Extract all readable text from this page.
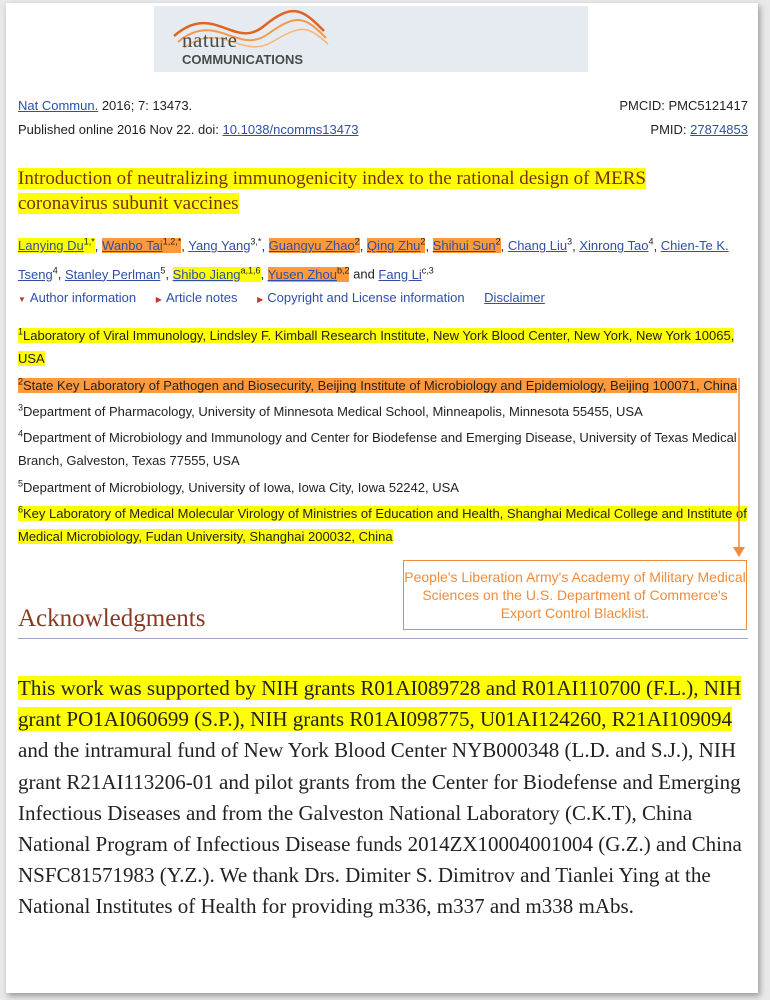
nature
COMMUNICATIONS
Nat Commun. 2016; 7: 13473.
Published online 2016 Nov 22. doi: 10.1038/ncomms13473
PMCID: PMC5121417
PMID: 27874853
Introduction of neutralizing immunogenicity index to the rational design of MERS
coronavirus subunit vaccines
Lanying $Du^{1,*}$, Wanbo Tai$^{1,2,*}$, Yang Yang$^{3,*}$, Guangyu Zhao$^2$, Qing Zhu$^2$, Shihui Sun$^2$, Chang Liu$^3$, Xinrong Tao$^4$, Chien-Te K. Tseng$^4$, Stanley Perlman$^5$, Shibo Jiang$^{a,1,6}$, Yusen Zhou$^{b,2}$ and Fang Li$^{c,3}$
▼ Author information ▶ Article notes ▶ Copyright and License information Disclaimer

$^1$Laboratory of Viral Immunology, Lindsley F. Kimball Research Institute, New York Blood Center, New York, New York 10065, USA

$^2$State Key Laboratory of Pathogen and Biosecurity, Beijing Institute of Microbiology and Epidemiology, Beijing 100071, China

$^3$Department of Pharmacology, University of Minnesota Medical School, Minneapolis, Minnesota 55455, USA

$^4$Department of Microbiology and Immunology and Center for Biodefense and Emerging Disease, University of Texas Medical Branch, Galveston, Texas 77555, USA

$^5$Department of Microbiology, University of Iowa, Iowa City, Iowa 52242, USA

$^6$Key Laboratory of Medical Molecular Virology of Ministries of Education and Health, Shanghai Medical College and Institute of Medical Microbiology, Fudan University, Shanghai 200032, China

People's Liberation Army's Academy of Military Medical Sciences on the U.S. Department of Commerce's Export Control Blacklist.
Acknowledgments
This work was supported by NIH grants R01AI089728 and R01AI110700 (F.L.), NIH grant PO1AI060699 (S.P.), NIH grants R01AI098775, U01AI124260, R21AI109094 and the intramural fund of New York Blood Center NYB000348 (L.D. and S.J.), NIH grant R21AI113206-01 and pilot grants from the Center for Biodefense and Emerging Infectious Diseases and from the Galveston National Laboratory (C.K.T), China National Program of Infectious Disease funds 2014ZX10004001004 (G.Z.) and China NSFC81571983 (Y.Z.). We thank Drs. Dimiter S. Dimitrov and Tianlei Ying at the National Institutes of Health for providing m336, m337 and m338 mAbs.
